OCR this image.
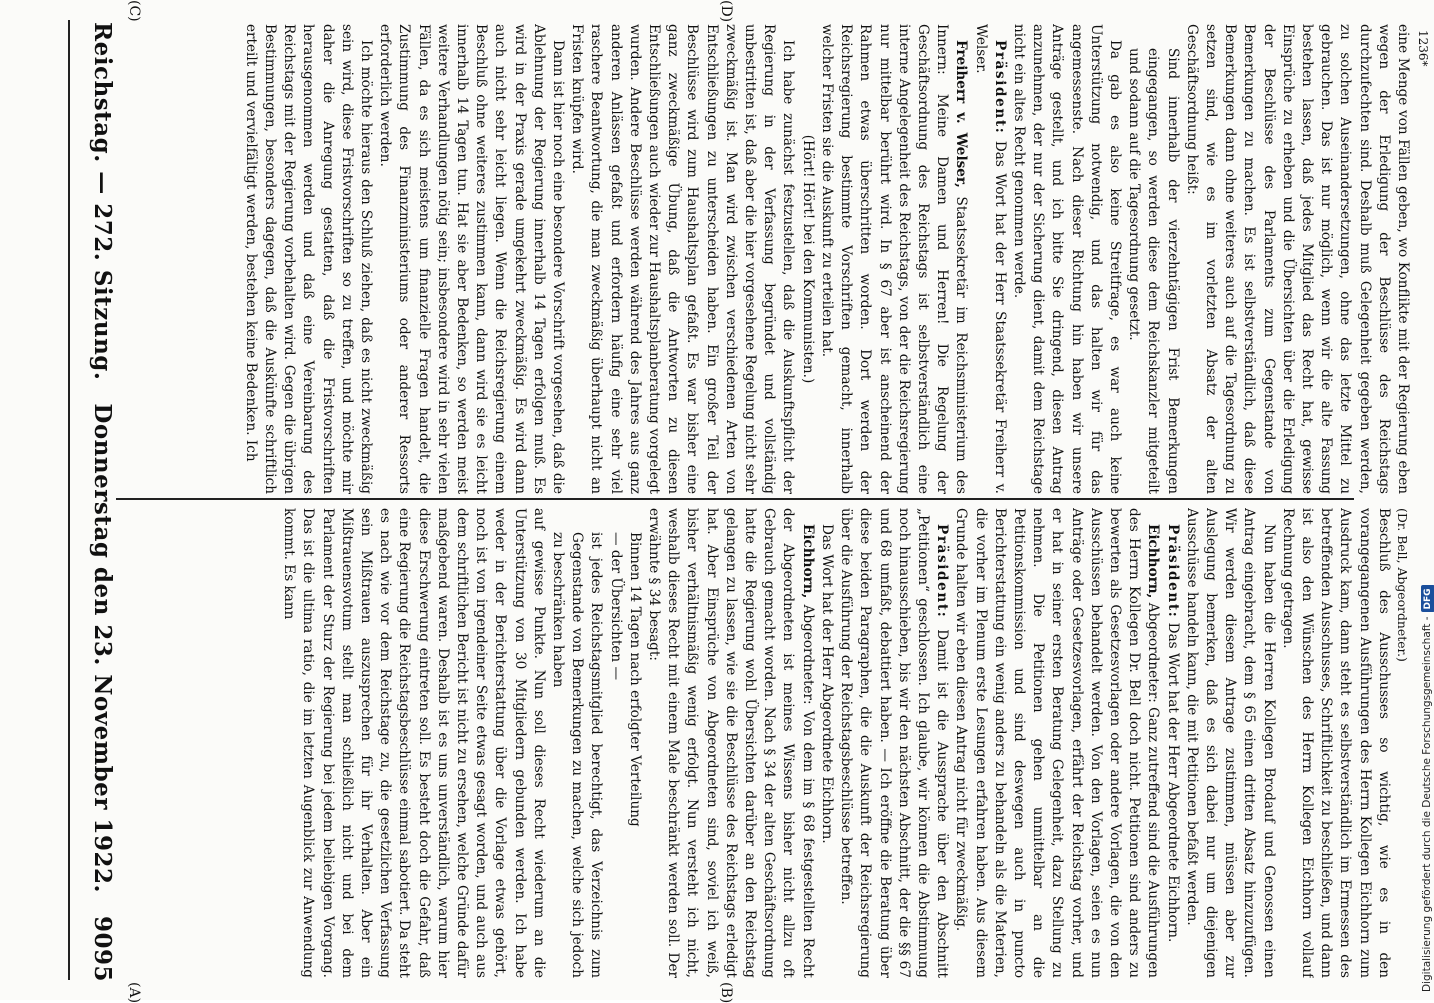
Reichstag. — 272. Sitzung.
Donnerstag den 23. November 1922.
9095
(A)	(B)
(C)	(D)
1236*

(Dr. Bell, Abgeordneter.)

Beschluß des Ausschusses so wichtig, wie es in den vorangegangenen Ausführungen des Herrn Kollegen Eichhorn zum Ausdruck kam, dann steht es selbstverständlich im Ermessen des betreffenden Ausschusses, Schriftlichkeit zu beschließen, und dann ist also den Wünschen des Herrn Kollegen Eichhorn vollauf Rechnung getragen.

Nun haben die Herren Kollegen Brodauf und Genossen einen Antrag eingebracht, dem § 65 einen dritten Absatz hinzuzufügen. Wir werden diesem Antrage zustimmen, müssen aber zur Auslegung bemerken, daß es sich dabei nur um diejenigen Ausschüsse handeln kann, die mit Petitionen befaßt werden.

Präsident: Das Wort hat der Herr Abgeordnete Eichhorn.

Eichhorn, Abgeordneter: Ganz zutreffend sind die Ausführungen des Herrn Kollegen Dr. Bell doch nicht. Petitionen sind anders zu bewerten als Gesetzesvorlagen oder andere Vorlagen, die von den Ausschüssen behandelt werden. Von den Vorlagen, seien es nun Anträge oder Gesetzesvorlagen, erfährt der Reichstag vorher, und er hat in seiner ersten Beratung Gelegenheit, dazu Stellung zu nehmen. Die Petitionen gehen unmittelbar an die Petitionskommission und sind deswegen auch in puncto Berichterstattung ein wenig anders zu behandeln als die Materien, die vorher im Plenum erste Lesungen erfahren haben. Aus diesem Grunde halten wir eben diesen Antrag nicht für zweckmäßig.

Präsident: Damit ist die Aussprache über den Abschnitt „Petitionen“ geschlossen. Ich glaube, wir können die Abstimmung noch hinausschieben, bis wir den nächsten Abschnitt, der die §§ 67 und 68 umfaßt, debattiert haben. — Ich eröffne die Beratung über diese beiden Paragraphen, die die Auskunft der Reichsregierung über die Ausführung der Reichstagsbeschlüsse betreffen.

Das Wort hat der Herr Abgeordnete Eichhorn.

Eichhorn, Abgeordneter: Von dem im § 68 festgestellten Recht der Abgeordneten ist meines Wissens bisher nicht allzu oft Gebrauch gemacht worden. Nach § 34 der alten Geschäftsordnung hatte die Regierung wohl Übersichten darüber an den Reichstag gelangen zu lassen, wie sie die Beschlüsse des Reichstags erledigt hat. Aber Einsprüche von Abgeordneten sind, soviel ich weiß, bisher verhältnismäßig wenig erfolgt. Nun versteht ich nicht, weshalb dieses Recht mit einem Male beschränkt werden soll. Der erwähnte § 34 besagt:

Binnen 14 Tagen nach erfolgter Verteilung

— der Übersichten —

ist jedes Reichstagsmitglied berechtigt, das Verzeichnis zum Gegenstande von Bemerkungen zu machen, welche sich jedoch zu beschränken haben

auf gewisse Punkte. Nun soll dieses Recht wiederum an die Unterstützung von 30 Mitgliedern gebunden werden. Ich habe weder in der Berichterstattung über die Vorlage etwas gehört, noch ist von irgendeiner Seite etwas gesagt worden, und auch aus dem schriftlichen Bericht ist nicht zu ersehen, welche Gründe dafür maßgebend waren. Deshalb ist es uns unverständlich, warum hier diese Erschwerung eintreten soll. Es besteht doch die Gefahr, daß eine Regierung die Reichstagsbeschlüsse einmal sabotiert. Da steht es nach wie vor dem Reichstage zu, die gesetzlichen Verfassung sein Mißtrauen auszusprechen für ihr Verhalten. Aber ein Mißtrauensvotum stellt man schließlich nicht und bei dem Parlament der Sturz der Regierung bei jedem beliebigen Vorgang. Das ist die ultima ratio, die im letzten Augenblick zur Anwendung kommt. Es kann

eine Menge von Fällen geben, wo Konflikte mit der Regierung eben wegen der Erledigung der Beschlüsse des Reichstags durchzufechten sind. Deshalb muß Gelegenheit gegeben werden, zu solchen Auseinandersetzungen, ohne das letzte Mittel zu gebrauchen. Das ist nur möglich, wenn wir die alte Fassung bestehen lassen, daß jedes Mitglied das Recht hat, gewisse Einsprüche zu erheben und die Übersichten über die Erledigung der Beschlüsse des Parlaments zum Gegenstande von Bemerkungen zu machen. Es ist selbstverständlich, daß diese Bemerkungen dann ohne weiteres auch auf die Tagesordnung zu setzen sind, wie es im vorletzten Absatz der alten Geschäftsordnung heißt:

Sind innerhalb der vierzehntägigen Frist Bemerkungen eingegangen, so werden diese dem Reichskanzler mitgeteilt und sodann auf die Tagesordnung gesetzt.

Da gab es also keine Streitfrage, es war auch keine Unterstützung notwendig, und das halten wir für das angemessenste. Nach dieser Richtung hin haben wir unsere Anträge gestellt, und ich bitte Sie dringend, diesen Antrag anzunehmen, der nur der Sicherung dient, damit dem Reichstage nicht ein altes Recht genommen werde.

Präsident: Das Wort hat der Herr Staatssekretär Freiherr v. Welser.

Freiherr v. Welser, Staatssekretär im Reichsministerium des Innern: Meine Damen und Herren! Die Regelung der Geschäftsordnung des Reichstags ist selbstverständlich eine interne Angelegenheit des Reichstags, von der die Reichsregierung nur mittelbar berührt wird. In § 67 aber ist anscheinend der Rahmen etwas überschritten worden. Dort werden der Reichsregierung bestimmte Vorschriften gemacht, innerhalb welcher Fristen sie die Auskunft zu erteilen hat.

(Hört! Hört! bei den Kommunisten.)

Ich habe zunächst festzustellen, daß die Auskunftspflicht der Regierung in der Verfassung begründet und vollständig unbestritten ist, daß aber die hier vorgesehene Regelung nicht sehr zweckmäßig ist. Man wird zwischen verschiedenen Arten von Entschließungen zu unterscheiden haben. Ein großer Teil der Beschlüsse wird zum Haushaltsplan gefaßt. Es war bisher eine ganz zweckmäßige Übung, daß die Antworten zu diesen Entschließungen auch wieder zur Haushaltsplanberatung vorgelegt wurden. Andere Beschlüsse werden während des Jahres aus ganz anderen Anlässen gefaßt und erfordern häufig eine sehr viel raschere Beantwortung, die man zweckmäßig überhaupt nicht an Fristen knüpfen wird.

Dann ist hier noch eine besondere Vorschrift vorgesehen, daß die Ablehnung der Regierung innerhalb 14 Tagen erfolgen muß. Es wird in der Praxis gerade umgekehrt zweckmäßig. Es wird dann auch nicht sehr leicht liegen. Wenn die Reichsregierung einem Beschluß ohne weiteres zustimmen kann, dann wird sie es leicht innerhalb 14 Tagen tun. Hat sie aber Bedenken, so werden meist weitere Verhandlungen nötig sein; insbesondere wird in sehr vielen Fällen, da es sich meistens um finanzielle Fragen handelt, die Zustimmung des Finanzministeriums oder anderer Ressorts erforderlich werden.

Ich möchte hieraus den Schluß ziehen, daß es nicht zweckmäßig sein wird, diese Fristvorschriften so zu treffen, und möchte mir daher die Anregung gestatten, daß die Fristvorschriften herausgenommen werden und daß eine Vereinbarung des Reichstags mit der Regierung vorbehalten wird. Gegen die übrigen Bestimmungen, besonders dagegen, daß die Auskünfte schriftlich erteilt und vervielfältigt werden, bestehen keine Bedenken. Ich

Digitalisierung gefördert durch die Deutsche Forschungsgemeinschaft -DFG
